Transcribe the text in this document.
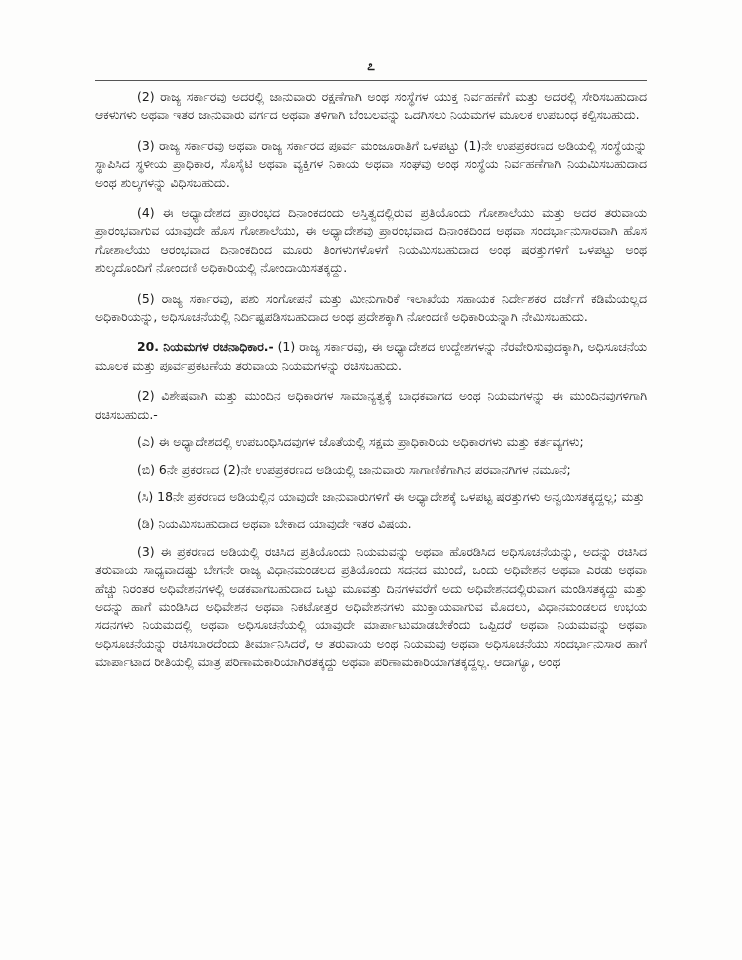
೭

(2) ರಾಜ್ಯ ಸರ್ಕಾರವು ಅದರಲ್ಲಿ ಜಾನುವಾರು ರಕ್ಷಣೆಗಾಗಿ ಅಂಥ ಸಂಸ್ಥೆಗಳ ಯುಕ್ತ ನಿರ್ವಹಣೆಗೆ ಮತ್ತು ಅದರಲ್ಲಿ ಸೇರಿಸಬಹುದಾದ ಆಕಳುಗಳು ಅಥವಾ ಇತರ ಜಾನುವಾರು ವರ್ಗದ ಅಥವಾ ತಳಿಗಾಗಿ ಬೆಂಬಲವನ್ನು ಒದಗಿಸಲು ನಿಯಮಗಳ ಮೂಲಕ ಉಪಬಂಧ ಕಲ್ಪಿಸಬಹುದು.

(3) ರಾಜ್ಯ ಸರ್ಕಾರವು ಅಥವಾ ರಾಜ್ಯ ಸರ್ಕಾರದ ಪೂರ್ವ ಮಂಜೂರಾತಿಗೆ ಒಳಪಟ್ಟು (1)ನೇ ಉಪಪ್ರಕರಣದ ಅಡಿಯಲ್ಲಿ ಸಂಸ್ಥೆಯನ್ನು ಸ್ಥಾಪಿಸಿದ ಸ್ಥಳೀಯ ಪ್ರಾಧಿಕಾರ, ಸೊಸೈಟಿ ಅಥವಾ ವ್ಯಕ್ತಿಗಳ ನಿಕಾಯ ಅಥವಾ ಸಂಘವು ಅಂಥ ಸಂಸ್ಥೆಯ ನಿರ್ವಹಣೆಗಾಗಿ ನಿಯಮಿಸಬಹುದಾದ ಅಂಥ ಶುಲ್ಕಗಳನ್ನು ವಿಧಿಸಬಹುದು.

(4) ಈ ಅಧ್ಯಾದೇಶದ ಪ್ರಾರಂಭದ ದಿನಾಂಕದಂದು ಅಸ್ತಿತ್ವದಲ್ಲಿರುವ ಪ್ರತಿಯೊಂದು ಗೋಶಾಲೆಯು ಮತ್ತು ಅದರ ತರುವಾಯ ಪ್ರಾರಂಭವಾಗುವ ಯಾವುದೇ ಹೊಸ ಗೋಶಾಲೆಯು, ಈ ಅಧ್ಯಾದೇಶವು ಪ್ರಾರಂಭವಾದ ದಿನಾಂಕದಿಂದ ಅಥವಾ ಸಂದರ್ಭಾನುಸಾರವಾಗಿ ಹೊಸ ಗೋಶಾಲೆಯು ಆರಂಭವಾದ ದಿನಾಂಕದಿಂದ ಮೂರು ತಿಂಗಳುಗಳೊಳಗೆ ನಿಯಮಿಸಬಹುದಾದ ಅಂಥ ಷರತ್ತುಗಳಿಗೆ ಒಳಪಟ್ಟು ಅಂಥ ಶುಲ್ಕದೊಂದಿಗೆ ನೋಂದಣಿ ಅಧಿಕಾರಿಯಲ್ಲಿ ನೋಂದಾಯಿಸತಕ್ಕದ್ದು.

(5) ರಾಜ್ಯ ಸರ್ಕಾರವು, ಪಶು ಸಂಗೋಪನೆ ಮತ್ತು ಮೀನುಗಾರಿಕೆ ಇಲಾಖೆಯ ಸಹಾಯಕ ನಿರ್ದೇಶಕರ ದರ್ಜೆಗೆ ಕಡಿಮೆಯಲ್ಲದ ಅಧಿಕಾರಿಯನ್ನು, ಅಧಿಸೂಚನೆಯಲ್ಲಿ ನಿರ್ದಿಷ್ಟಪಡಿಸಬಹುದಾದ ಅಂಥ ಪ್ರದೇಶಕ್ಕಾಗಿ ನೋಂದಣಿ ಅಧಿಕಾರಿಯನ್ನಾಗಿ ನೇಮಿಸಬಹುದು.

20. ನಿಯಮಗಳ ರಚನಾಧಿಕಾರ.- (1) ರಾಜ್ಯ ಸರ್ಕಾರವು, ಈ ಅಧ್ಯಾದೇಶದ ಉದ್ದೇಶಗಳನ್ನು ನೆರವೇರಿಸುವುದಕ್ಕಾಗಿ, ಅಧಿಸೂಚನೆಯ ಮೂಲಕ ಮತ್ತು ಪೂರ್ವಪ್ರಕಟಣೆಯ ತರುವಾಯ ನಿಯಮಗಳನ್ನು ರಚಿಸಬಹುದು.

(2) ವಿಶೇಷವಾಗಿ ಮತ್ತು ಮುಂದಿನ ಅಧಿಕಾರಗಳ ಸಾಮಾನ್ಯತ್ವಕ್ಕೆ ಬಾಧಕವಾಗದ ಅಂಥ ನಿಯಮಗಳನ್ನು ಈ ಮುಂದಿನವುಗಳಿಗಾಗಿ ರಚಿಸಬಹುದು.-

(ಎ) ಈ ಅಧ್ಯಾದೇಶದಲ್ಲಿ ಉಪಬಂಧಿಸಿದವುಗಳ ಜೊತೆಯಲ್ಲಿ ಸಕ್ಷಮ ಪ್ರಾಧಿಕಾರಿಯ ಅಧಿಕಾರಗಳು ಮತ್ತು ಕರ್ತವ್ಯಗಳು;

(ಬಿ) 6ನೇ ಪ್ರಕರಣದ (2)ನೇ ಉಪಪ್ರಕರಣದ ಅಡಿಯಲ್ಲಿ ಜಾನುವಾರು ಸಾಗಾಣಿಕೆಗಾಗಿನ ಪರವಾನಗಿಗಳ ನಮೂನೆ;

(ಸಿ) 18ನೇ ಪ್ರಕರಣದ ಅಡಿಯಲ್ಲಿನ ಯಾವುದೇ ಜಾನುವಾರುಗಳಿಗೆ ಈ ಅಧ್ಯಾದೇಶಕ್ಕೆ ಒಳಪಟ್ಟ ಷರತ್ತುಗಳು ಅನ್ವಯಿಸತಕ್ಕದ್ದಲ್ಲ; ಮತ್ತು

(ಡಿ) ನಿಯಮಿಸಬಹುದಾದ ಅಥವಾ ಬೇಕಾದ ಯಾವುದೇ ಇತರ ವಿಷಯ.

(3) ಈ ಪ್ರಕರಣದ ಅಡಿಯಲ್ಲಿ ರಚಿಸಿದ ಪ್ರತಿಯೊಂದು ನಿಯಮವನ್ನು ಅಥವಾ ಹೊರಡಿಸಿದ ಅಧಿಸೂಚನೆಯನ್ನು, ಅದನ್ನು ರಚಿಸಿದ ತರುವಾಯ ಸಾಧ್ಯವಾದಷ್ಟು ಬೇಗನೇ ರಾಜ್ಯ ವಿಧಾನಮಂಡಲದ ಪ್ರತಿಯೊಂದು ಸದನದ ಮುಂದೆ, ಒಂದು ಅಧಿವೇಶನ ಅಥವಾ ಎರಡು ಅಥವಾ ಹೆಚ್ಚು ನಿರಂತರ ಅಧಿವೇಶನಗಳಲ್ಲಿ ಅಡಕವಾಗಬಹುದಾದ ಒಟ್ಟು ಮೂವತ್ತು ದಿನಗಳವರೆಗೆ ಅದು ಅಧಿವೇಶನದಲ್ಲಿರುವಾಗ ಮಂಡಿಸತಕ್ಕದ್ದು ಮತ್ತು ಅದನ್ನು ಹಾಗೆ ಮಂಡಿಸಿದ ಅಧಿವೇಶನ ಅಥವಾ ನಿಕಟೋತ್ತರ ಅಧಿವೇಶನಗಳು ಮುಕ್ತಾಯವಾಗುವ ಮೊದಲು, ವಿಧಾನಮಂಡಲದ ಉಭಯ ಸದನಗಳು ನಿಯಮದಲ್ಲಿ ಅಥವಾ ಅಧಿಸೂಚನೆಯಲ್ಲಿ ಯಾವುದೇ ಮಾರ್ಪಾಟುಮಾಡಬೇಕೆಂದು ಒಪ್ಪಿದರೆ ಅಥವಾ ನಿಯಮವನ್ನು ಅಥವಾ ಅಧಿಸೂಚನೆಯನ್ನು ರಚಿಸಬಾರದೆಂದು ತೀರ್ಮಾನಿಸಿದರೆ, ಆ ತರುವಾಯ ಅಂಥ ನಿಯಮವು ಅಥವಾ ಅಧಿಸೂಚನೆಯು ಸಂದರ್ಭಾನುಸಾರ ಹಾಗೆ ಮಾರ್ಪಾಟಾದ ರೀತಿಯಲ್ಲಿ ಮಾತ್ರ ಪರಿಣಾಮಕಾರಿಯಾಗಿರತಕ್ಕದ್ದು ಅಥವಾ ಪರಿಣಾಮಕಾರಿಯಾಗತಕ್ಕದ್ದಲ್ಲ. ಆದಾಗ್ಯೂ, ಅಂಥ
